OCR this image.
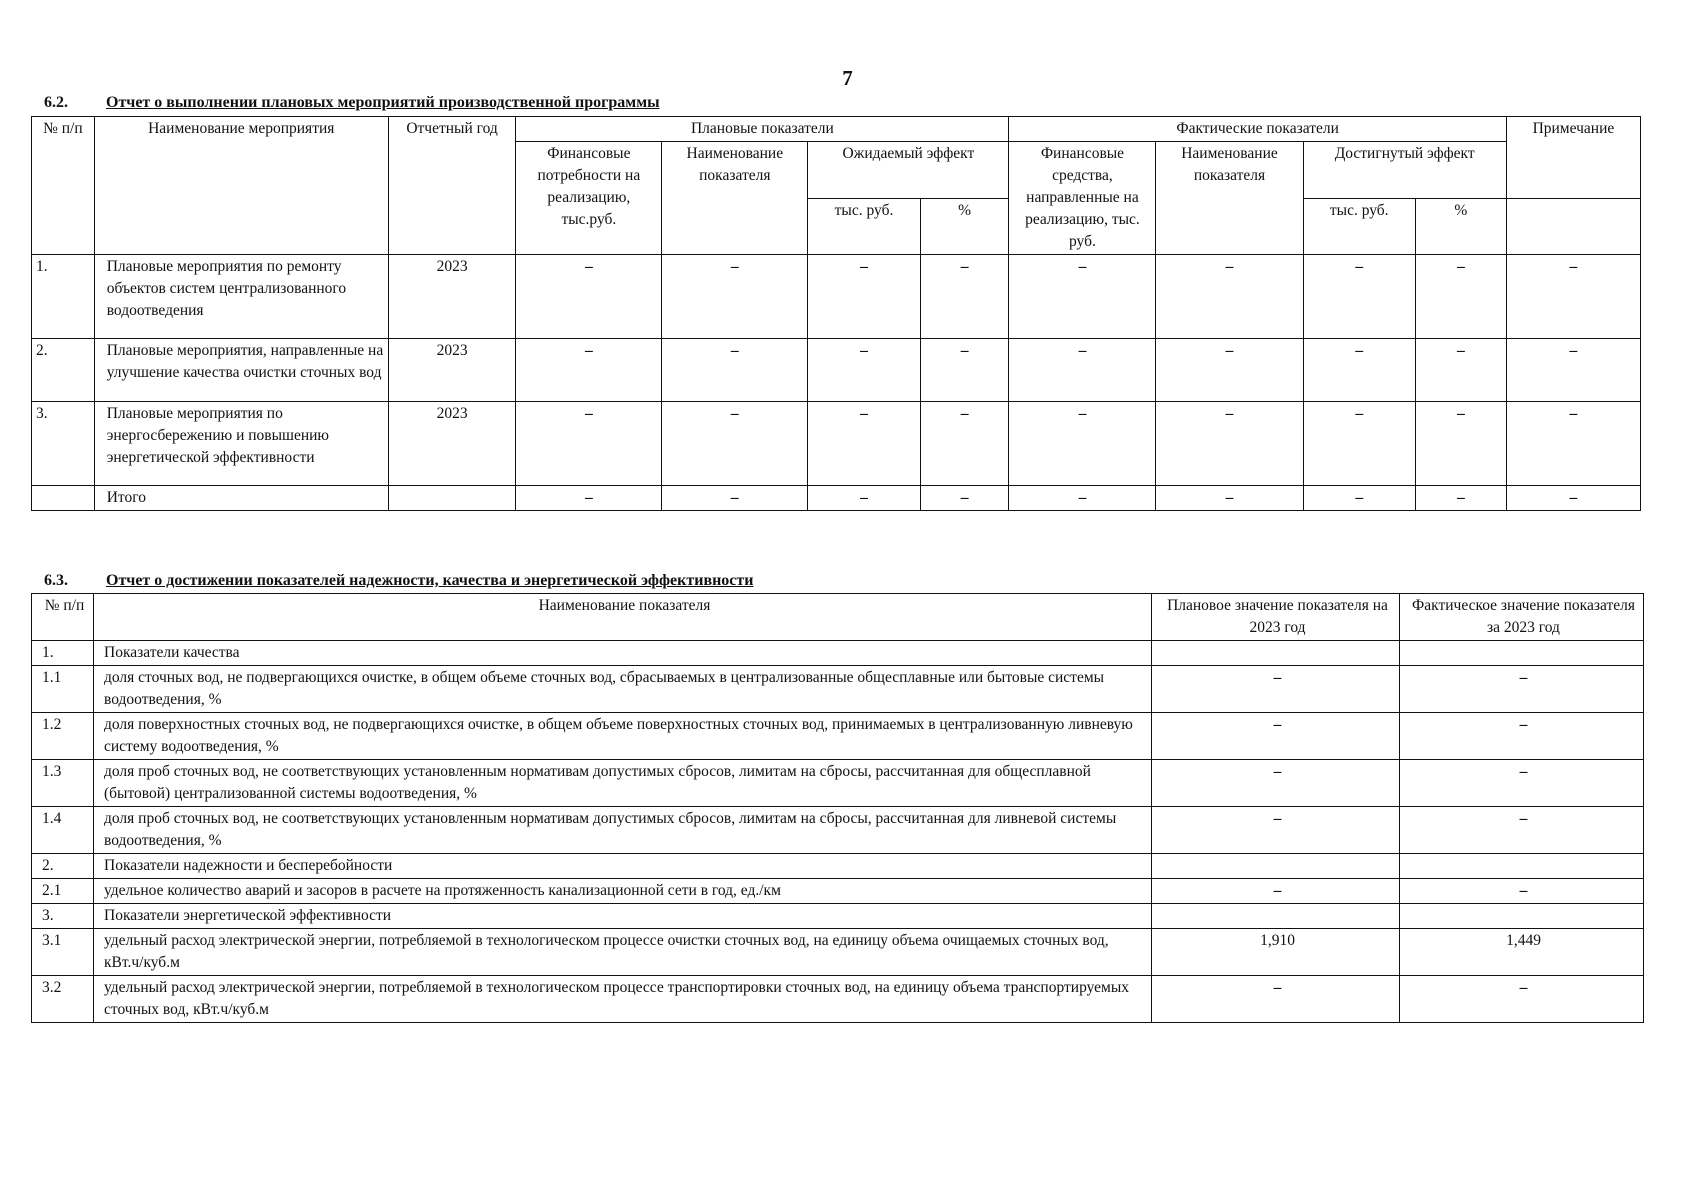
7
6.2. Отчет о выполнении плановых мероприятий производственной программы
№ п/п	Наименование мероприятия	Отчетный год	Плановые показатели				Фактические показатели				Примечание
			Финансовые потребности на реализацию, тыс.руб.	Наименование показателя	Ожидаемый эффект		Финансовые средства, направленные на реализацию, тыс. руб.	Наименование показателя	Достигнутый эффект		
					тыс. руб.	%			тыс. руб.	%	
1.	Плановые мероприятия по ремонту объектов систем централизованного водоотведения	2023	–	–	–	–	–	–	–	–	–
2.	Плановые мероприятия, направленные на улучшение качества очистки сточных вод	2023	–	–	–	–	–	–	–	–	–
3.	Плановые мероприятия по энергосбережению и повышению энергетической эффективности	2023	–	–	–	–	–	–	–	–	–
	Итого		–	–	–	–	–	–	–	–	–
6.3. Отчет о достижении показателей надежности, качества и энергетической эффективности
№ п/п	Наименование показателя	Плановое значение показателя на 2023 год	Фактическое значение показателя за 2023 год
1.	Показатели качества		
1.1	доля сточных вод, не подвергающихся очистке, в общем объеме сточных вод, сбрасываемых в централизованные общесплавные или бытовые системы водоотведения, %	–	–
1.2	доля поверхностных сточных вод, не подвергающихся очистке, в общем объеме поверхностных сточных вод, принимаемых в централизованную ливневую систему водоотведения, %	–	–
1.3	доля проб сточных вод, не соответствующих установленным нормативам допустимых сбросов, лимитам на сбросы, рассчитанная для общесплавной (бытовой) централизованной системы водоотведения, %	–	–
1.4	доля проб сточных вод, не соответствующих установленным нормативам допустимых сбросов, лимитам на сбросы, рассчитанная для ливневой системы водоотведения, %	–	–
2.	Показатели надежности и бесперебойности		
2.1	удельное количество аварий и засоров в расчете на протяженность канализационной сети в год, ед./км	–	–
3.	Показатели энергетической эффективности		
3.1	удельный расход электрической энергии, потребляемой в технологическом процессе очистки сточных вод, на единицу объема очищаемых сточных вод, кВт.ч/куб.м	1,910	1,449
3.2	удельный расход электрической энергии, потребляемой в технологическом процессе транспортировки сточных вод, на единицу объема транспортируемых сточных вод, кВт.ч/куб.м	–	–
